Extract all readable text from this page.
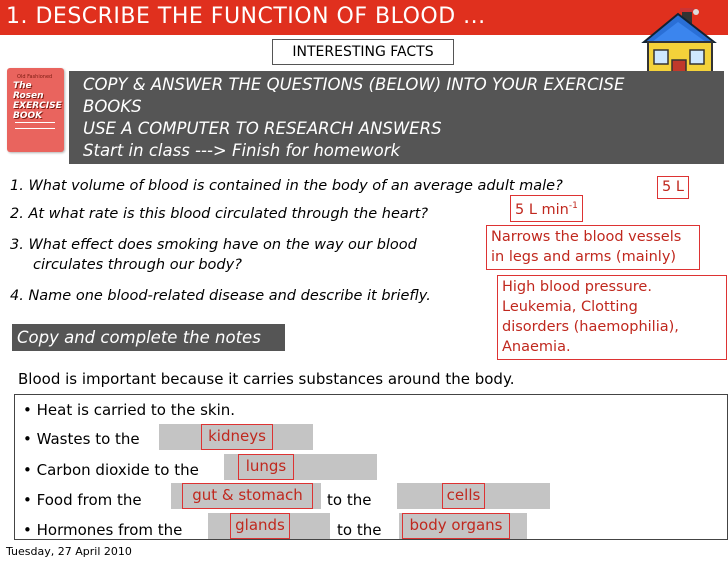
1. DESCRIBE THE FUNCTION OF BLOOD ...
INTERESTING FACTS
COPY & ANSWER THE QUESTIONS (BELOW) INTO YOUR EXERCISE
BOOKS
USE A COMPUTER TO RESEARCH ANSWERS
Start in class ---> Finish for homework
Old Fashioned
The Rosen
EXERCISE
BOOK
1. What volume of blood is contained in the body of an average adult male?	5 L
2. At what rate is this blood circulated through the heart?	5 L $\min^{-1}$
3. What effect does smoking have on the way our blood
circulates through our body?
Narrows the blood vessels
in legs and arms (mainly)
4. Name one blood-related disease and describe it briefly.
High blood pressure.
Leukemia, Clotting
disorders (haemophilia),
Anaemia.
Copy and complete the notes
Blood is important because it carries substances around the body.
• Heat is carried to the skin.
• Wastes to the	kidneys
• Carbon dioxide to the	lungs
• Food from the	gut & stomach	to the	cells
• Hormones from the	glands	to the	body organs
Tuesday, 27 April 2010
